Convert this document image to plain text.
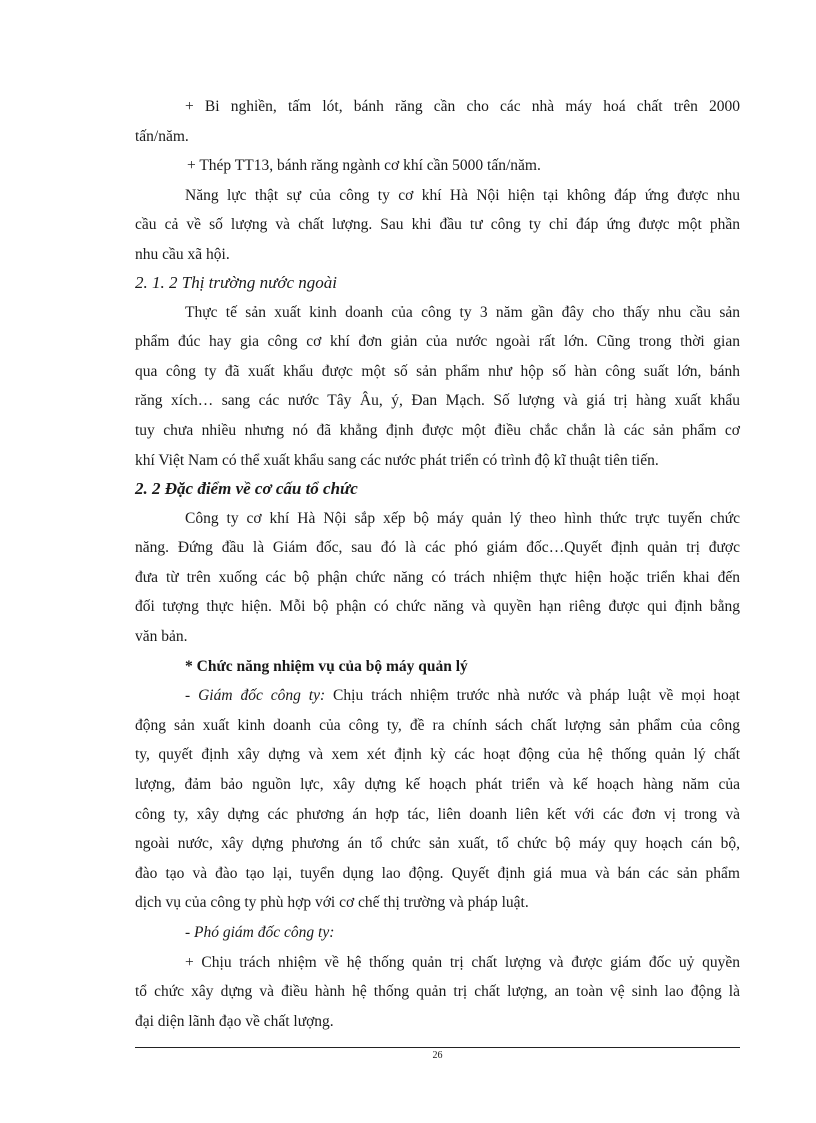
+ Bi nghiền, tấm lót, bánh răng cần cho các nhà máy hoá chất trên 2000

tấn/năm.

+ Thép TT13, bánh răng ngành cơ khí cần 5000 tấn/năm.

Năng lực thật sự của công ty cơ khí Hà Nội hiện tại không đáp ứng được nhu

cầu cả về số lượng và chất lượng. Sau khi đầu tư công ty chỉ đáp ứng được một phần

nhu cầu xã hội.

2. 1. 2 Thị trường nước ngoài

Thực tế sản xuất kinh doanh của công ty 3 năm gần đây cho thấy nhu cầu sản

phẩm đúc hay gia công cơ khí đơn giản của nước ngoài rất lớn. Cũng trong thời gian

qua công ty đã xuất khẩu được một số sản phẩm như hộp số hàn công suất lớn, bánh

răng xích… sang các nước Tây Âu, ý, Đan Mạch. Số lượng và giá trị hàng xuất khẩu

tuy chưa nhiều nhưng nó đã khẳng định được một điều chắc chắn là các sản phẩm cơ

khí Việt Nam có thể xuất khẩu sang các nước phát triển có trình độ kĩ thuật tiên tiến.

2. 2 Đặc điểm về cơ cấu tổ chức

Công ty cơ khí Hà Nội sắp xếp bộ máy quản lý theo hình thức trực tuyến chức

năng. Đứng đầu là Giám đốc, sau đó là các phó giám đốc…Quyết định quản trị được

đưa từ trên xuống các bộ phận chức năng có trách nhiệm thực hiện hoặc triển khai đến

đối tượng thực hiện. Mỗi bộ phận có chức năng và quyền hạn riêng được qui định bằng

văn bản.

* Chức năng nhiệm vụ của bộ máy quản lý

- Giám đốc công ty: Chịu trách nhiệm trước nhà nước và pháp luật về mọi hoạt

động sản xuất kinh doanh của công ty, đề ra chính sách chất lượng sản phẩm của công

ty, quyết định xây dựng và xem xét định kỳ các hoạt động của hệ thống quản lý chất

lượng, đảm bảo nguồn lực, xây dựng kế hoạch phát triển và kế hoạch hàng năm của

công ty, xây dựng các phương án hợp tác, liên doanh liên kết với các đơn vị trong và

ngoài nước, xây dựng phương án tổ chức sản xuất, tổ chức bộ máy quy hoạch cán bộ,

đào tạo và đào tạo lại, tuyển dụng lao động. Quyết định giá mua và bán các sản phẩm

dịch vụ của công ty phù hợp với cơ chế thị trường và pháp luật.

- Phó giám đốc công ty:

+ Chịu trách nhiệm về hệ thống quản trị chất lượng và được giám đốc uỷ quyền

tổ chức xây dựng và điều hành hệ thống quản trị chất lượng, an toàn vệ sinh lao động là

đại diện lãnh đạo về chất lượng.

26
